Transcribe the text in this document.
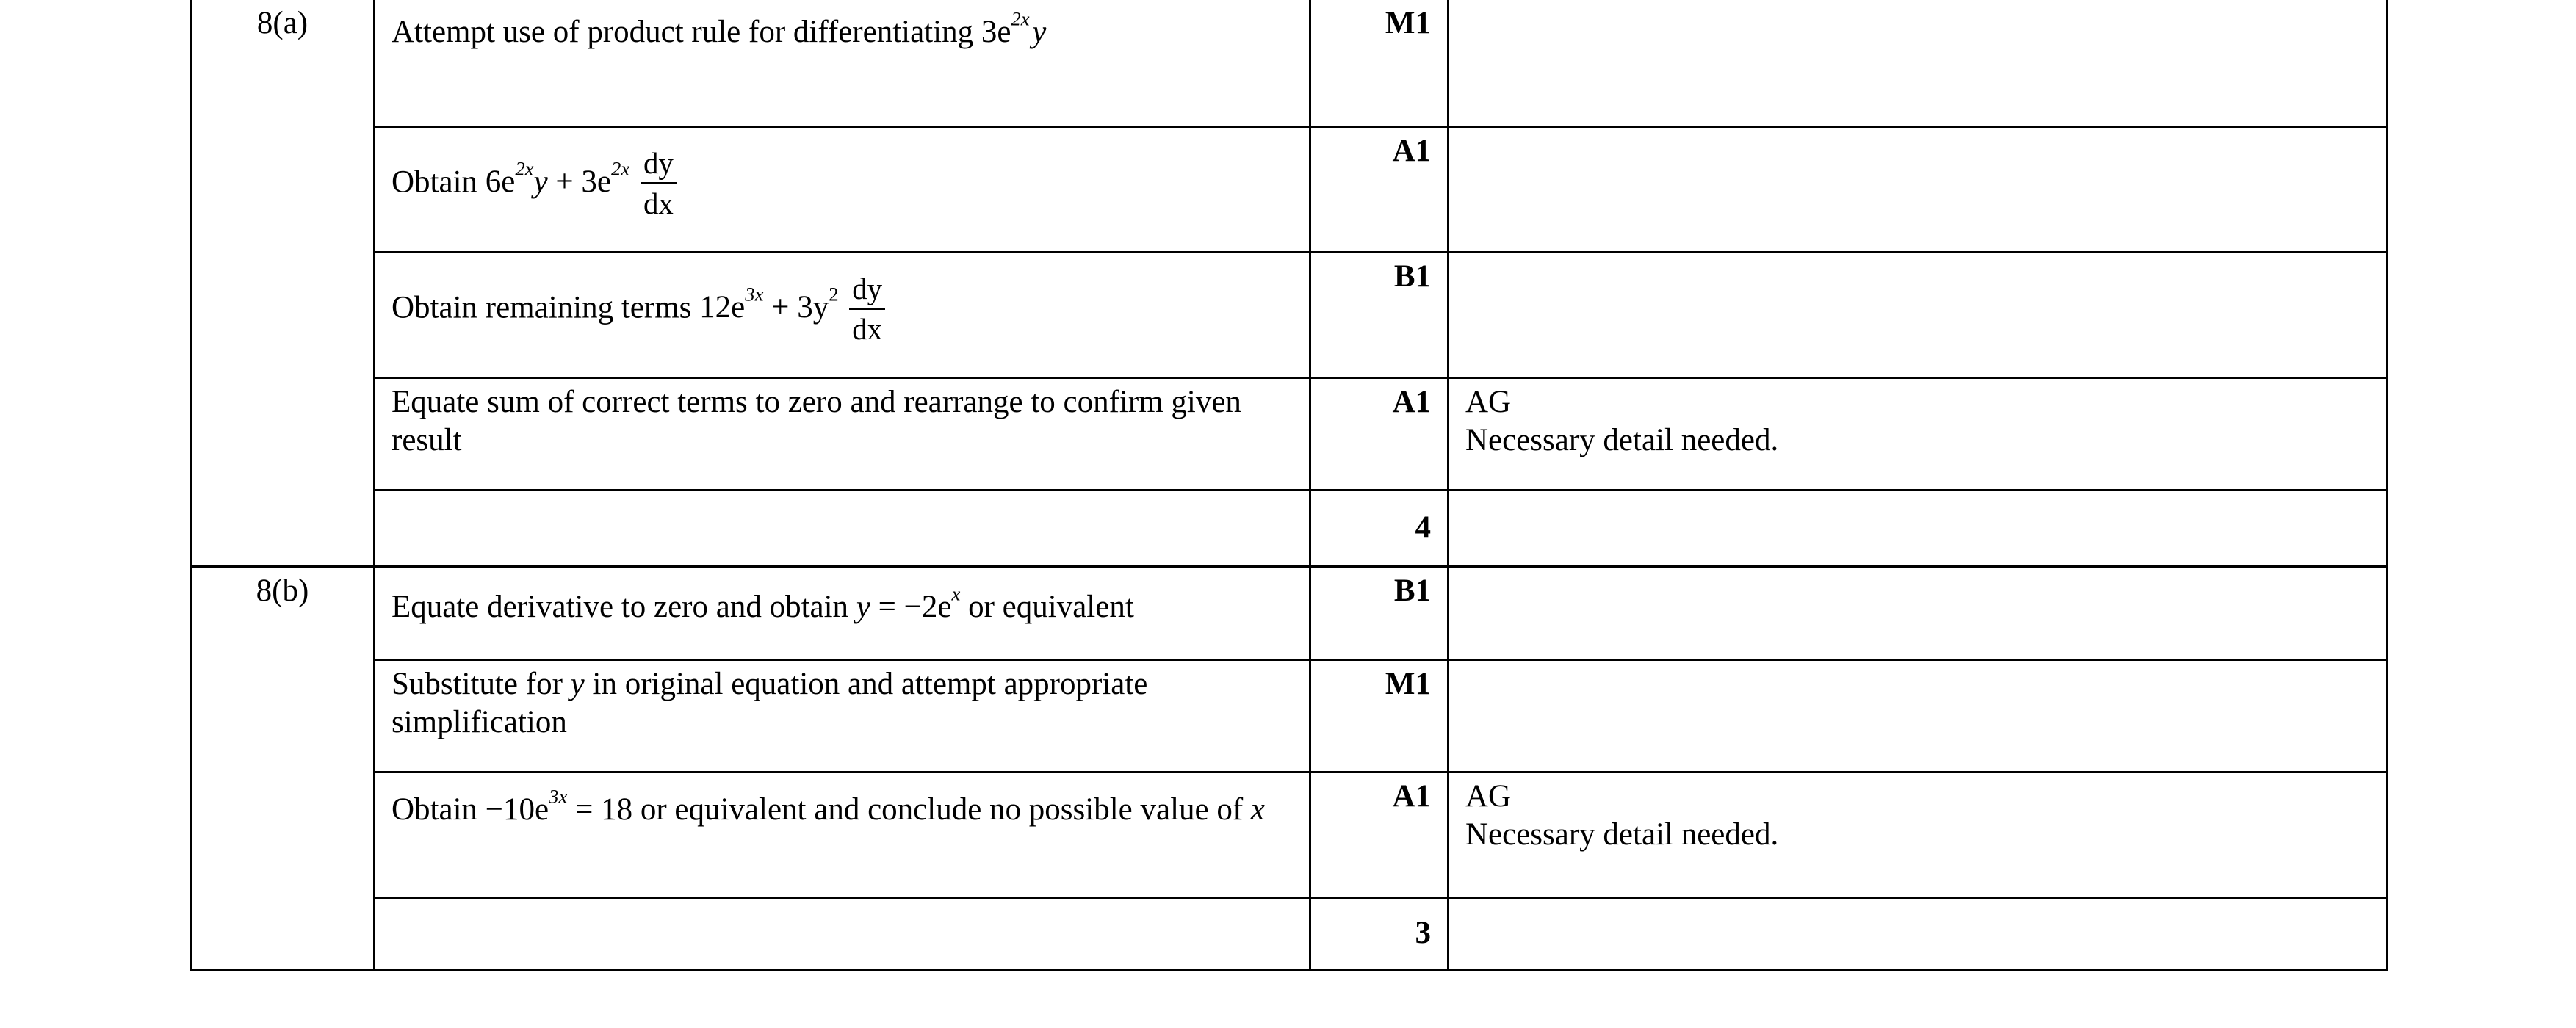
8(a)	Attempt use of product rule for differentiating $3e^{2x}$ y	M1	

	Obtain $6e^{2x}y + 3e^{2x} \frac{dy}{dx}$	A1	

	Obtain remaining terms $12e^{3x} + 3y^2 \frac{dy}{dx}$	B1	

	Equate sum of correct terms to zero and rearrange to confirm given result	A1	AG
Necessary detail needed.

		4	
8(b)	Equate derivative to zero and obtain $y = -2e^x$ or equivalent	B1	

	Substitute for y in original equation and attempt appropriate simplification	M1	

	Obtain $-10e^{3x} = 18$ or equivalent and conclude no possible value of x	A1	AG
Necessary detail needed.

		3	
